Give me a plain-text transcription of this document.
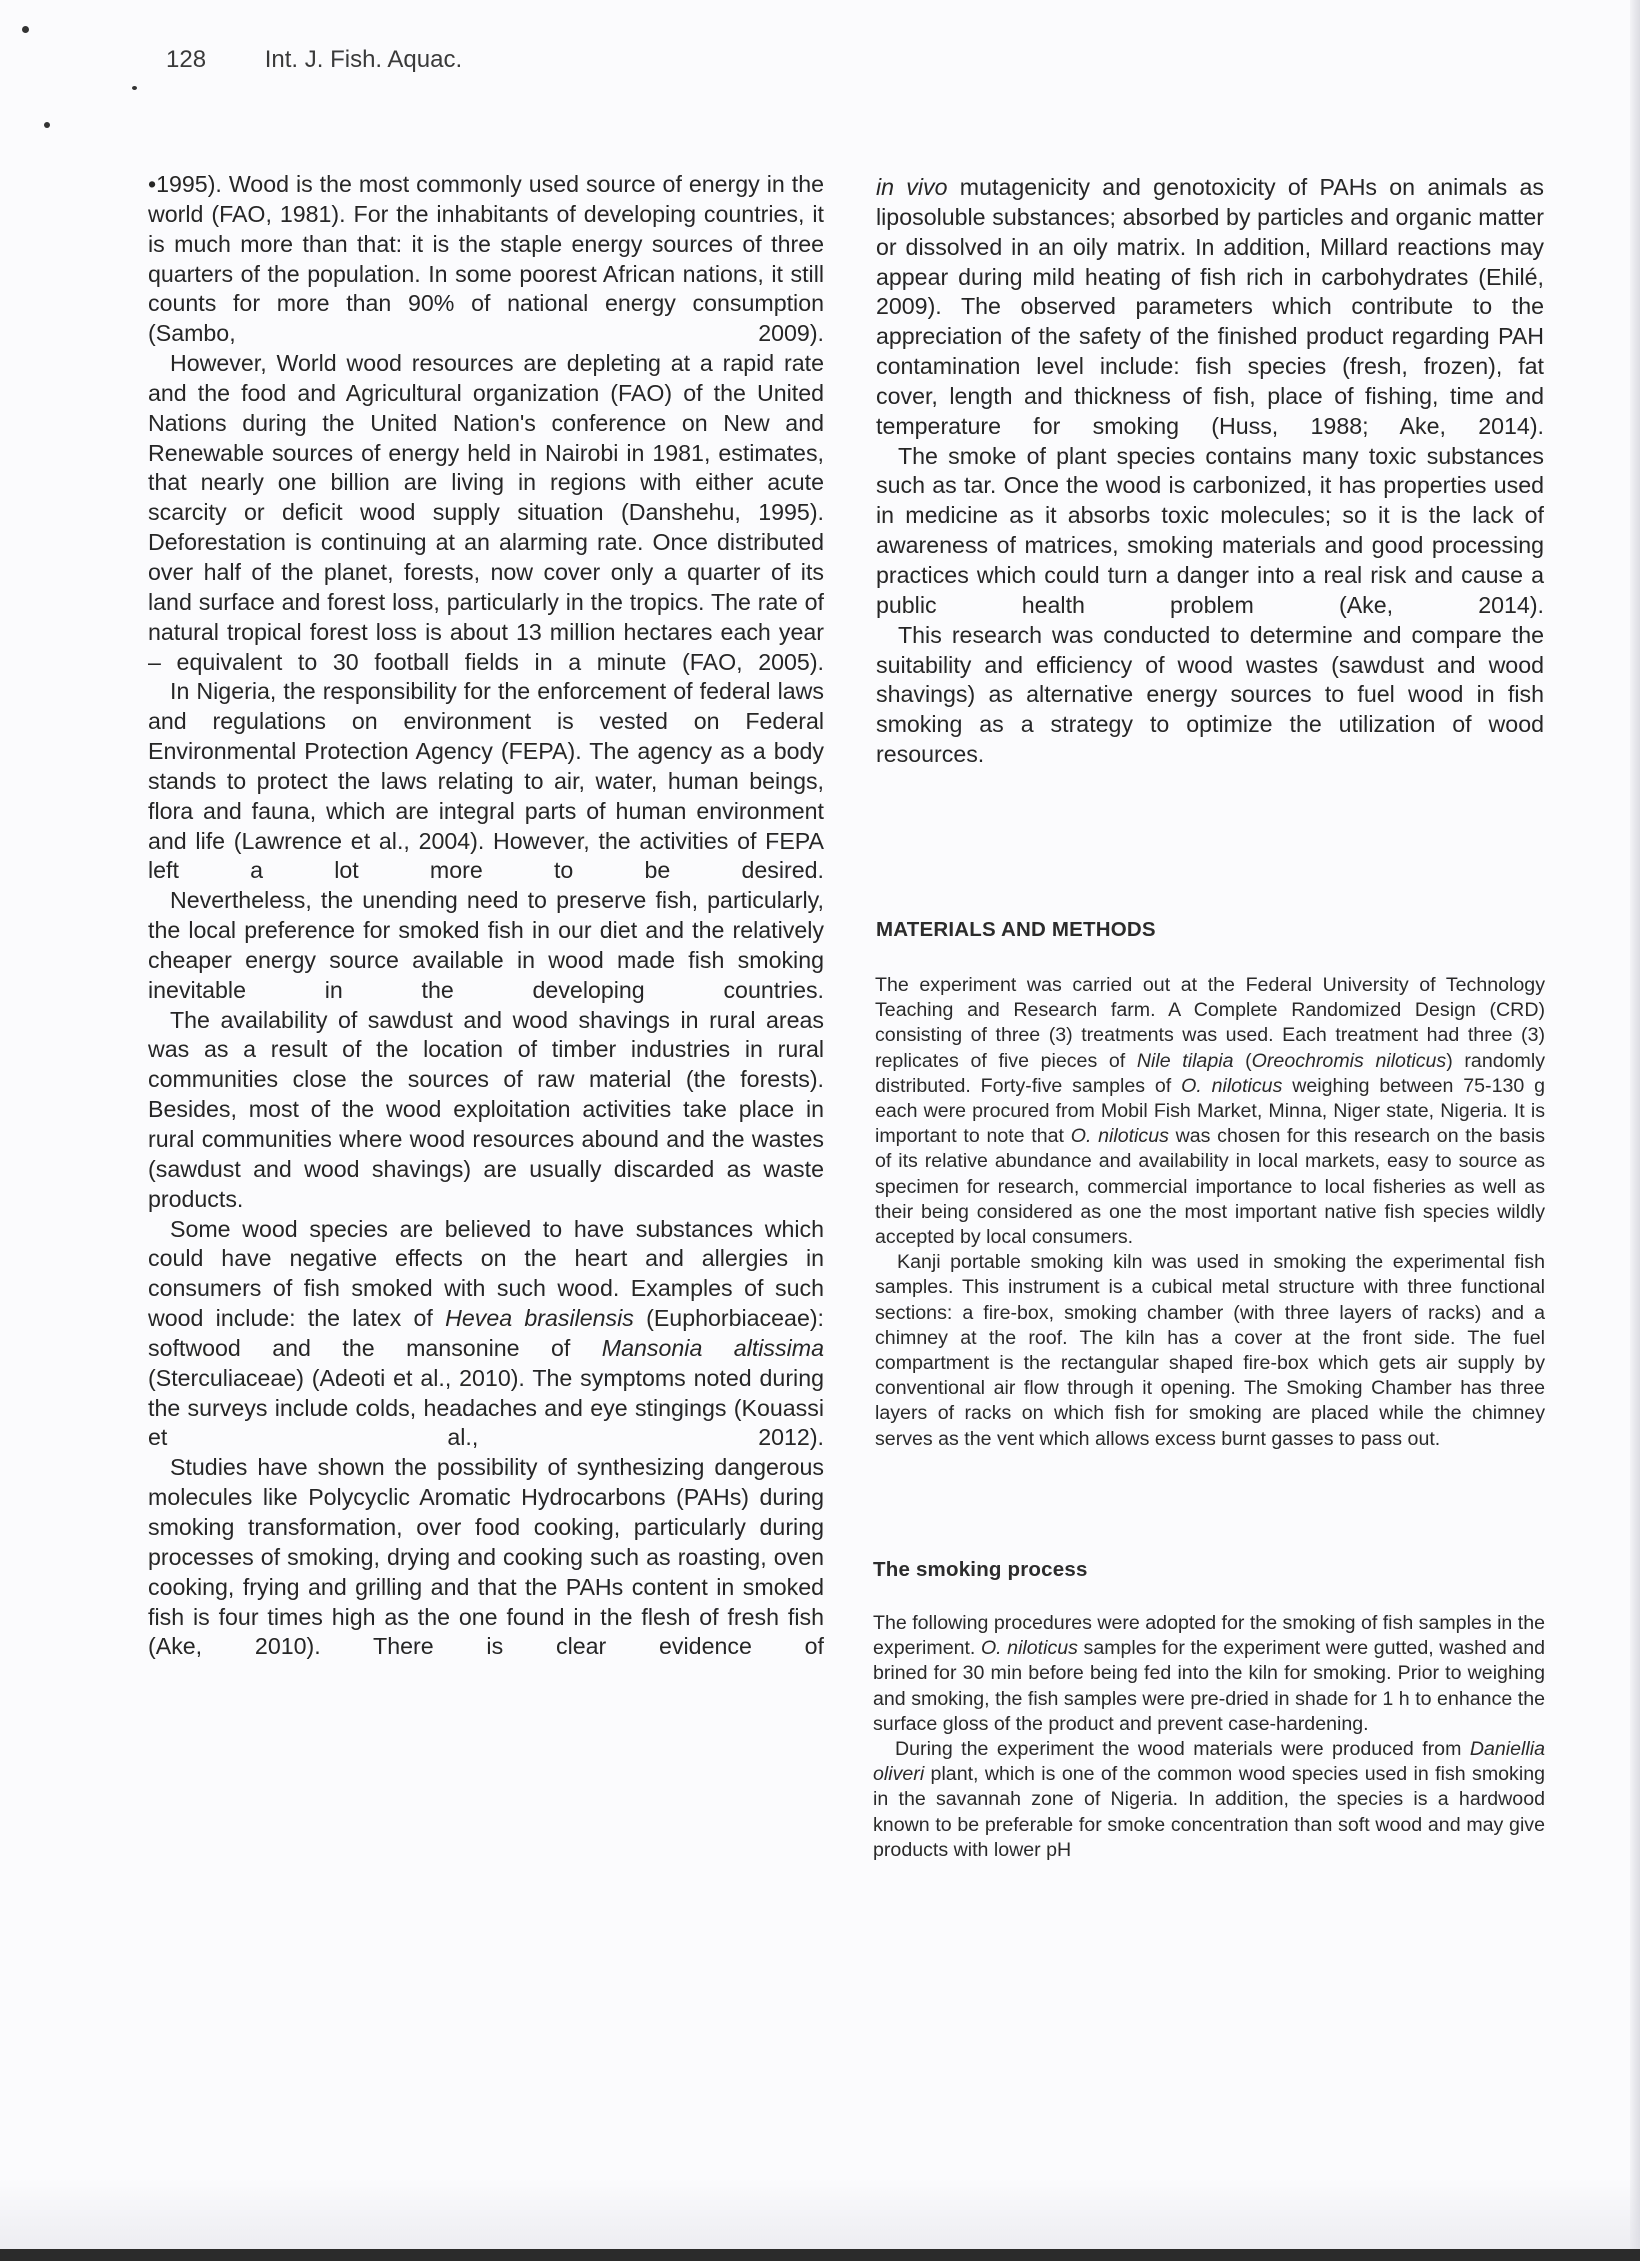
128 Int. J. Fish. Aquac.

•1995). Wood is the most commonly used source of energy in the world (FAO, 1981). For the inhabitants of developing countries, it is much more than that: it is the staple energy sources of three quarters of the population. In some poorest African nations, it still counts for more than 90% of national energy consumption (Sambo, 2009).

However, World wood resources are depleting at a rapid rate and the food and Agricultural organization (FAO) of the United Nations during the United Nation's conference on New and Renewable sources of energy held in Nairobi in 1981, estimates, that nearly one billion are living in regions with either acute scarcity or deficit wood supply situation (Danshehu, 1995). Deforestation is continuing at an alarming rate. Once distributed over half of the planet, forests, now cover only a quarter of its land surface and forest loss, particularly in the tropics. The rate of natural tropical forest loss is about 13 million hectares each year – equivalent to 30 football fields in a minute (FAO, 2005).

In Nigeria, the responsibility for the enforcement of federal laws and regulations on environment is vested on Federal Environmental Protection Agency (FEPA). The agency as a body stands to protect the laws relating to air, water, human beings, flora and fauna, which are integral parts of human environment and life (Lawrence et al., 2004). However, the activities of FEPA left a lot more to be desired.

Nevertheless, the unending need to preserve fish, particularly, the local preference for smoked fish in our diet and the relatively cheaper energy source available in wood made fish smoking inevitable in the developing countries.

The availability of sawdust and wood shavings in rural areas was as a result of the location of timber industries in rural communities close the sources of raw material (the forests). Besides, most of the wood exploitation activities take place in rural communities where wood resources abound and the wastes (sawdust and wood shavings) are usually discarded as waste products.

Some wood species are believed to have substances which could have negative effects on the heart and allergies in consumers of fish smoked with such wood. Examples of such wood include: the latex of Hevea brasilensis (Euphorbiaceae): softwood and the mansonine of Mansonia altissima (Sterculiaceae) (Adeoti et al., 2010). The symptoms noted during the surveys include colds, headaches and eye stingings (Kouassi et al., 2012).

Studies have shown the possibility of synthesizing dangerous molecules like Polycyclic Aromatic Hydrocarbons (PAHs) during smoking transformation, over food cooking, particularly during processes of smoking, drying and cooking such as roasting, oven cooking, frying and grilling and that the PAHs content in smoked fish is four times high as the one found in the flesh of fresh fish (Ake, 2010). There is clear evidence of

in vivo mutagenicity and genotoxicity of PAHs on animals as liposoluble substances; absorbed by particles and organic matter or dissolved in an oily matrix. In addition, Millard reactions may appear during mild heating of fish rich in carbohydrates (Ehilé, 2009). The observed parameters which contribute to the appreciation of the safety of the finished product regarding PAH contamination level include: fish species (fresh, frozen), fat cover, length and thickness of fish, place of fishing, time and temperature for smoking (Huss, 1988; Ake, 2014).

The smoke of plant species contains many toxic substances such as tar. Once the wood is carbonized, it has properties used in medicine as it absorbs toxic molecules; so it is the lack of awareness of matrices, smoking materials and good processing practices which could turn a danger into a real risk and cause a public health problem (Ake, 2014).

This research was conducted to determine and compare the suitability and efficiency of wood wastes (sawdust and wood shavings) as alternative energy sources to fuel wood in fish smoking as a strategy to optimize the utilization of wood resources.

MATERIALS AND METHODS

The experiment was carried out at the Federal University of Technology Teaching and Research farm. A Complete Randomized Design (CRD) consisting of three (3) treatments was used. Each treatment had three (3) replicates of five pieces of Nile tilapia (Oreochromis niloticus) randomly distributed. Forty-five samples of O. niloticus weighing between 75-130 g each were procured from Mobil Fish Market, Minna, Niger state, Nigeria. It is important to note that O. niloticus was chosen for this research on the basis of its relative abundance and availability in local markets, easy to source as specimen for research, commercial importance to local fisheries as well as their being considered as one the most important native fish species wildly accepted by local consumers.

Kanji portable smoking kiln was used in smoking the experimental fish samples. This instrument is a cubical metal structure with three functional sections: a fire-box, smoking chamber (with three layers of racks) and a chimney at the roof. The kiln has a cover at the front side. The fuel compartment is the rectangular shaped fire-box which gets air supply by conventional air flow through it opening. The Smoking Chamber has three layers of racks on which fish for smoking are placed while the chimney serves as the vent which allows excess burnt gasses to pass out.

The smoking process

The following procedures were adopted for the smoking of fish samples in the experiment. O. niloticus samples for the experiment were gutted, washed and brined for 30 min before being fed into the kiln for smoking. Prior to weighing and smoking, the fish samples were pre-dried in shade for 1 h to enhance the surface gloss of the product and prevent case-hardening.

During the experiment the wood materials were produced from Daniellia oliveri plant, which is one of the common wood species used in fish smoking in the savannah zone of Nigeria. In addition, the species is a hardwood known to be preferable for smoke concentration than soft wood and may give products with lower pH
